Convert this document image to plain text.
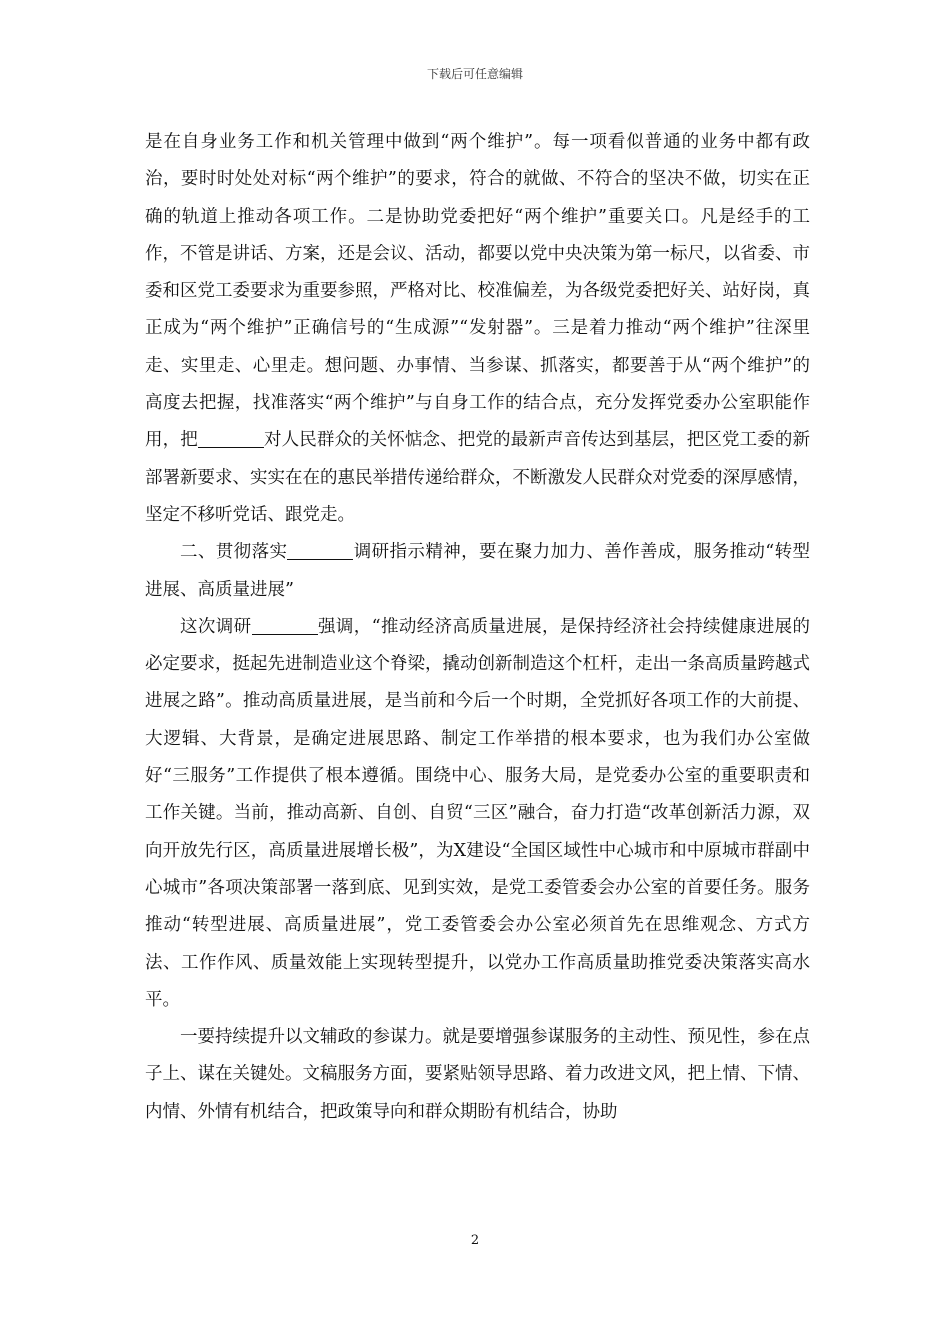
下载后可任意编辑

是在自身业务工作和机关管理中做到“两个维护”。每一项看似普通的业务中都有政治，要时时处处对标“两个维护”的要求，符合的就做、不符合的坚决不做，切实在正确的轨道上推动各项工作。二是协助党委把好“两个维护”重要关口。凡是经手的工作，不管是讲话、方案，还是会议、活动，都要以党中央决策为第一标尺，以省委、市委和区党工委要求为重要参照，严格对比、校准偏差，为各级党委把好关、站好岗，真正成为“两个维护”正确信号的“生成源”“发射器”。三是着力推动“两个维护”往深里走、实里走、心里走。想问题、办事情、当参谋、抓落实，都要善于从“两个维护”的高度去把握，找准落实“两个维护”与自身工作的结合点，充分发挥党委办公室职能作用，把	对人民群众的关怀惦念、把党的最新声音传达到基层，把区党工委的新部署新要求、实实在在的惠民举措传递给群众，不断激发人民群众对党委的深厚感情，坚定不移听党话、跟党走。

二、贯彻落实	调研指示精神，要在聚力加力、善作善成，服务推动“转型进展、高质量进展”

这次调研	强调，“推动经济高质量进展，是保持经济社会持续健康进展的必定要求，挺起先进制造业这个脊梁，撬动创新制造这个杠杆，走出一条高质量跨越式进展之路”。推动高质量进展，是当前和今后一个时期，全党抓好各项工作的大前提、大逻辑、大背景，是确定进展思路、制定工作举措的根本要求，也为我们办公室做好“三服务”工作提供了根本遵循。围绕中心、服务大局，是党委办公室的重要职责和工作关键。当前，推动高新、自创、自贸“三区”融合，奋力打造“改革创新活力源，双向开放先行区，高质量进展增长极”，为X建设“全国区域性中心城市和中原城市群副中心城市”各项决策部署一落到底、见到实效，是党工委管委会办公室的首要任务。服务推动“转型进展、高质量进展”，党工委管委会办公室必须首先在思维观念、方式方法、工作作风、质量效能上实现转型提升，以党办工作高质量助推党委决策落实高水平。

一要持续提升以文辅政的参谋力。就是要增强参谋服务的主动性、预见性，参在点子上、谋在关键处。文稿服务方面，要紧贴领导思路、着力改进文风，把上情、下情、内情、外情有机结合，把政策导向和群众期盼有机结合，协助

2
